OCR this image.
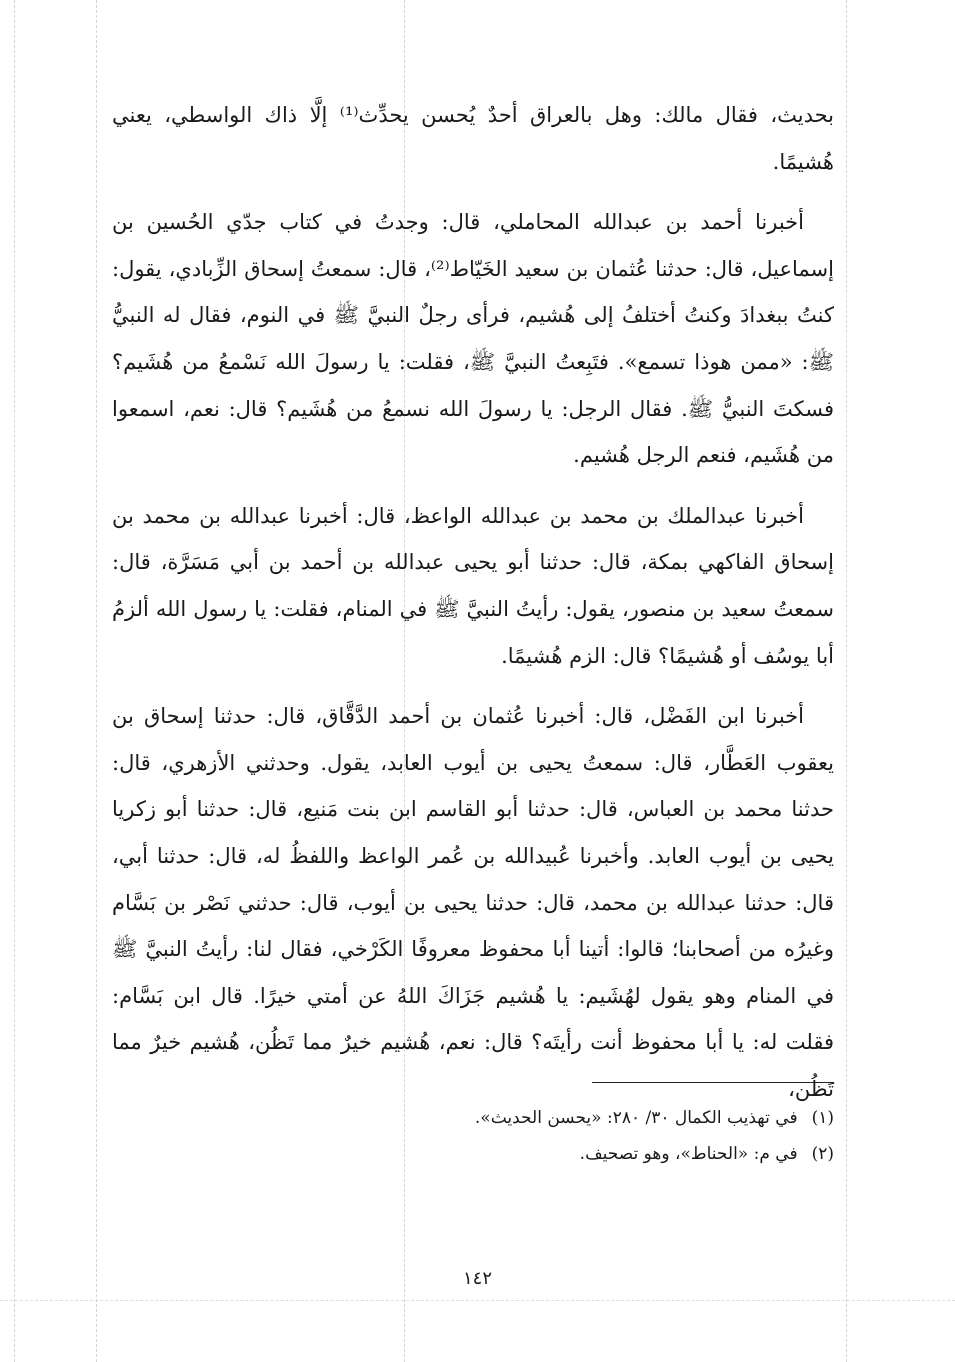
بحديث، فقال مالك: وهل بالعراق أحدٌ يُحسن يحدِّث⁽¹⁾ إلَّا ذاك الواسطي، يعني هُشيمًا.

أخبرنا أحمد بن عبدالله المحاملي، قال: وجدتُ في كتاب جدّي الحُسين بن إسماعيل، قال: حدثنا عُثمان بن سعيد الخَيّاط⁽²⁾، قال: سمعتُ إسحاق الزِّبادي، يقول: كنتُ ببغدادَ وكنتُ أختلفُ إلى هُشيم، فرأى رجلٌ النبيَّ ﷺ في النوم، فقال له النبيُّ ﷺ: «ممن هوذا تسمع». فتَبِعتُ النبيَّ ﷺ، فقلت: يا رسولَ الله نَسْمعُ من هُشَيم؟ فسكتَ النبيُّ ﷺ. فقال الرجل: يا رسولَ الله نسمعُ من هُشَيم؟ قال: نعم، اسمعوا من هُشَيم، فنعم الرجل هُشيم.

أخبرنا عبدالملك بن محمد بن عبدالله الواعظ، قال: أخبرنا عبدالله بن محمد بن إسحاق الفاكهي بمكة، قال: حدثنا أبو يحيى عبدالله بن أحمد بن أبي مَسَرَّة، قال: سمعتُ سعيد بن منصور، يقول: رأيتُ النبيَّ ﷺ في المنام، فقلت: يا رسول الله ألزمُ أبا يوسُف أو هُشيمًا؟ قال: الزم هُشيمًا.

أخبرنا ابن الفَضْل، قال: أخبرنا عُثمان بن أحمد الدَّقَّاق، قال: حدثنا إسحاق بن يعقوب العَطَّار، قال: سمعتُ يحيى بن أيوب العابد، يقول. وحدثني الأزهري، قال: حدثنا محمد بن العباس، قال: حدثنا أبو القاسم ابن بنت مَنيع، قال: حدثنا أبو زكريا يحيى بن أيوب العابد. وأخبرنا عُبيدالله بن عُمر الواعظ واللفظُ له، قال: حدثنا أبي، قال: حدثنا عبدالله بن محمد، قال: حدثنا يحيى بن أيوب، قال: حدثني نَصْر بن بَسَّام وغيرُه من أصحابنا؛ قالوا: أتينا أبا محفوظ معروفًا الكَرْخي، فقال لنا: رأيتُ النبيَّ ﷺ في المنام وهو يقول لهُشَيم: يا هُشيم جَزَاكَ اللهُ عن أمتي خيرًا. قال ابن بَسَّام: فقلت له: يا أبا محفوظ أنت رأيتَه؟ قال: نعم، هُشيم خيرٌ مما تَظُن، هُشيم خيرٌ مما تَظُن،

(١)في تهذيب الكمال ٣٠/ ٢٨٠: «يحسن الحديث».

(٢)في م: «الحناط»، وهو تصحيف.

١٤٢
